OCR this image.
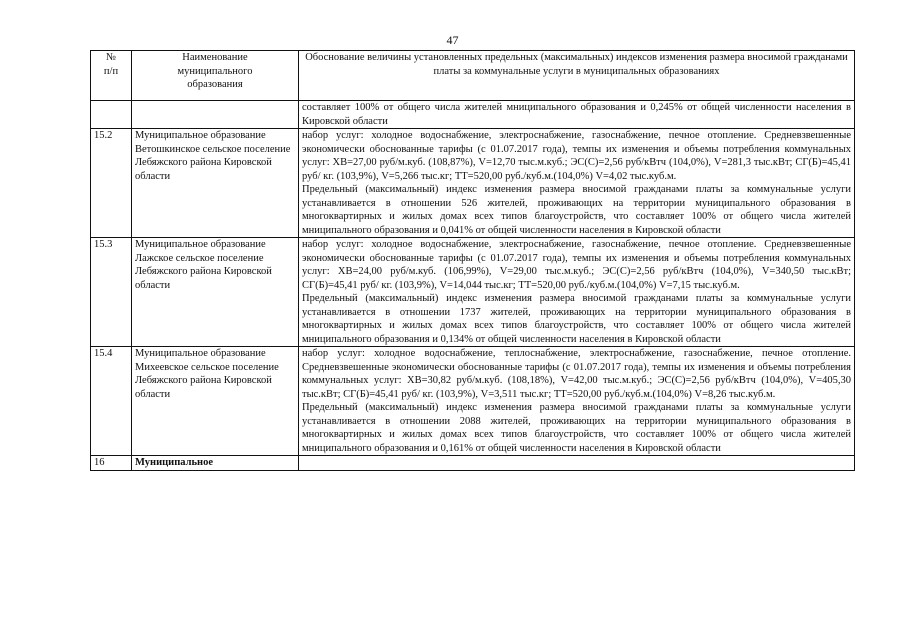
47
№
п/п	Наименование муниципального образования	Обоснование величины установленных предельных (максимальных) индексов изменения размера вносимой гражданами платы за коммунальные услуги в муниципальных образованиях

		составляет 100% от общего числа жителей мниципального образования и 0,245% от общей численности населения в Кировской области

15.2	Муниципальное образование Ветошкинское сельское поселение Лебяжского района Кировской области	набор услуг: холодное водоснабжение, электроснабжение, газоснабжение, печное отопление. Средневзвешенные экономически обоснованные тарифы (с 01.07.2017 года), темпы их изменения и объемы потребления коммунальных услуг: ХВ=27,00 руб/м.куб. (108,87%), V=12,70 тыс.м.куб.; ЭС(С)=2,56 руб/кВтч (104,0%), V=281,3 тыс.кВт; СГ(Б)=45,41 руб/ кг. (103,9%), V=5,266 тыс.кг; ТТ=520,00 руб./куб.м.(104,0%) V=4,02 тыс.куб.м.
Предельный (максимальный) индекс изменения размера вносимой гражданами платы за коммунальные услуги устанавливается в отношении 526 жителей, проживающих на территории муниципального образования в многоквартирных и жилых домах всех типов благоустройств, что составляет 100% от общего числа жителей мниципального образования и 0,041% от общей численности населения в Кировской области

15.3	Муниципальное образование Лажское сельское поселение Лебяжского района Кировской области	набор услуг: холодное водоснабжение, электроснабжение, газоснабжение, печное отопление. Средневзвешенные экономически обоснованные тарифы (с 01.07.2017 года), темпы их изменения и объемы потребления коммунальных услуг: ХВ=24,00 руб/м.куб. (106,99%), V=29,00 тыс.м.куб.; ЭС(С)=2,56 руб/кВтч (104,0%), V=340,50 тыс.кВт; СГ(Б)=45,41 руб/ кг. (103,9%), V=14,044 тыс.кг; ТТ=520,00 руб./куб.м.(104,0%) V=7,15 тыс.куб.м.
Предельный (максимальный) индекс изменения размера вносимой гражданами платы за коммунальные услуги устанавливается в отношении 1737 жителей, проживающих на территории муниципального образования в многоквартирных и жилых домах всех типов благоустройств, что составляет 100% от общего числа жителей мниципального образования и 0,134% от общей численности населения в Кировской области

15.4	Муниципальное образование Михеевское сельское поселение Лебяжского района Кировской области	набор услуг: холодное водоснабжение, теплоснабжение, электроснабжение, газоснабжение, печное отопление. Средневзвешенные экономически обоснованные тарифы (с 01.07.2017 года), темпы их изменения и объемы потребления коммунальных услуг: ХВ=30,82 руб/м.куб. (108,18%), V=42,00 тыс.м.куб.; ЭС(С)=2,56 руб/кВтч (104,0%), V=405,30 тыс.кВт; СГ(Б)=45,41 руб/ кг. (103,9%), V=3,511 тыс.кг; ТТ=520,00 руб./куб.м.(104,0%) V=8,26 тыс.куб.м.
Предельный (максимальный) индекс изменения размера вносимой гражданами платы за коммунальные услуги устанавливается в отношении 2088 жителей, проживающих на территории муниципального образования в многоквартирных и жилых домах всех типов благоустройств, что составляет 100% от общего числа жителей мниципального образования и 0,161% от общей численности населения в Кировской области

16	Муниципальное	
